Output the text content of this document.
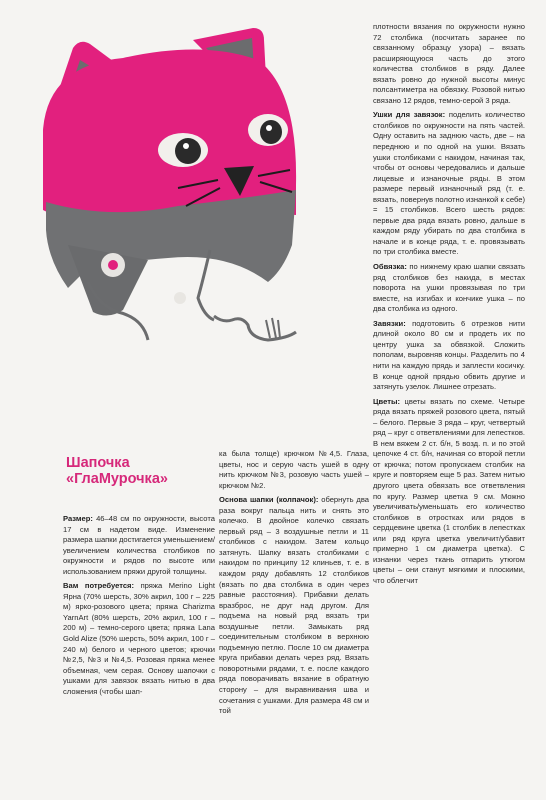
Шапочка
«ГлаМурочка»

Размер: 46–48 см по окружности, высота 17 см в надетом виде. Изменение размера шапки достигается уменьшением/увеличением количества столбиков по окружности и рядов по высоте или использованием пряжи другой толщины.

Вам потребуется: пряжа Merino Light Ярна (70% шерсть, 30% акрил, 100 г – 225 м) ярко-розового цвета; пряжа Charizma YarnArt (80% шерсть, 20% акрил, 100 г – 200 м) – темно-серого цвета; пряжа Lana Gold Alize (50% шерсть, 50% акрил, 100 г – 240 м) белого и черного цветов; крючки №2,5, №3 и №4,5. Розовая пряжа менее объемная, чем серая. Основу шапочки с ушками для завязок вязать нитью в два сложения (чтобы шап-

ка была толще) крючком №4,5. Глаза, цветы, нос и серую часть ушей в одну нить крючком №3, розовую часть ушей – крючком №2.

Основа шапки (колпачок): обернуть два раза вокруг пальца нить и снять это колечко. В двойное колечко связать первый ряд – 3 воздушные петли и 11 столбиков с накидом. Затем кольцо затянуть. Шапку вязать столбиками с накидом по принципу 12 клиньев, т. е. в каждом ряду добавлять 12 столбиков (вязать по два столбика в один через равные расстояния). Прибавки делать вразброс, не друг над другом. Для подъема на новый ряд вязать три воздушные петли. Замыкать ряд соединительным столбиком в верхнюю подъемную петлю. После 10 см диаметра круга прибавки делать через ряд. Вязать поворотными рядами, т. е. после каждого ряда поворачивать вязание в обратную сторону – для выравнивания шва и сочетания с ушками. Для размера 48 см и той

плотности вязания по окружности нужно 72 столбика (посчитать заранее по связанному образцу узора) – вязать расширяющуюся часть до этого количества столбиков в ряду. Далее вязать ровно до нужной высоты минус полсантиметра на обвязку. Розовой нитью связано 12 рядов, темно-серой 3 ряда.

Ушки для завязок: поделить количество столбиков по окружности на пять частей. Одну оставить на заднюю часть, две – на переднюю и по одной на ушки. Вязать ушки столбиками с накидом, начиная так, чтобы от основы чередовались и дальше лицевые и изнаночные ряды. В этом размере первый изнаночный ряд (т. е. вязать, повернув полотно изнанкой к себе) = 15 столбиков. Всего шесть рядов: первые два ряда вязать ровно, дальше в каждом ряду убирать по два столбика в начале и в конце ряда, т. е. провязывать по три столбика вместе.

Обвязка: по нижнему краю шапки связать ряд столбиков без накида, в местах поворота на ушки провязывая по три вместе, на изгибах и кончике ушка – по два столбика из одного.

Завязки: подготовить 6 отрезков нити длиной около 80 см и продеть их по центру ушка за обвязкой. Сложить пополам, выровняв концы. Разделить по 4 нити на каждую прядь и заплести косичку. В конце одной прядью обвить другие и затянуть узелок. Лишнее отрезать.

Цветы: цветы вязать по схеме. Четыре ряда вязать пряжей розового цвета, пятый – белого. Первые 3 ряда – круг, четвертый ряд – круг с ответвлениями для лепестков. В нем вяжем 2 ст. б/н, 5 возд. п. и по этой цепочке 4 ст. б/н, начиная со второй петли от крючка; потом пропускаем столбик на круге и повторяем еще 5 раз. Затем нитью другого цвета обвязать все ответвления по кругу. Размер цветка 9 см. Можно увеличивать/уменьшать его количество столбиков в отростках или рядов в сердцевине цветка (1 столбик в лепестках или ряд круга цветка увеличит/убавит примерно 1 см диаметра цветка). С изнанки через ткань отпарить утюгом цветы – они станут мягкими и плоскими, что облегчит
